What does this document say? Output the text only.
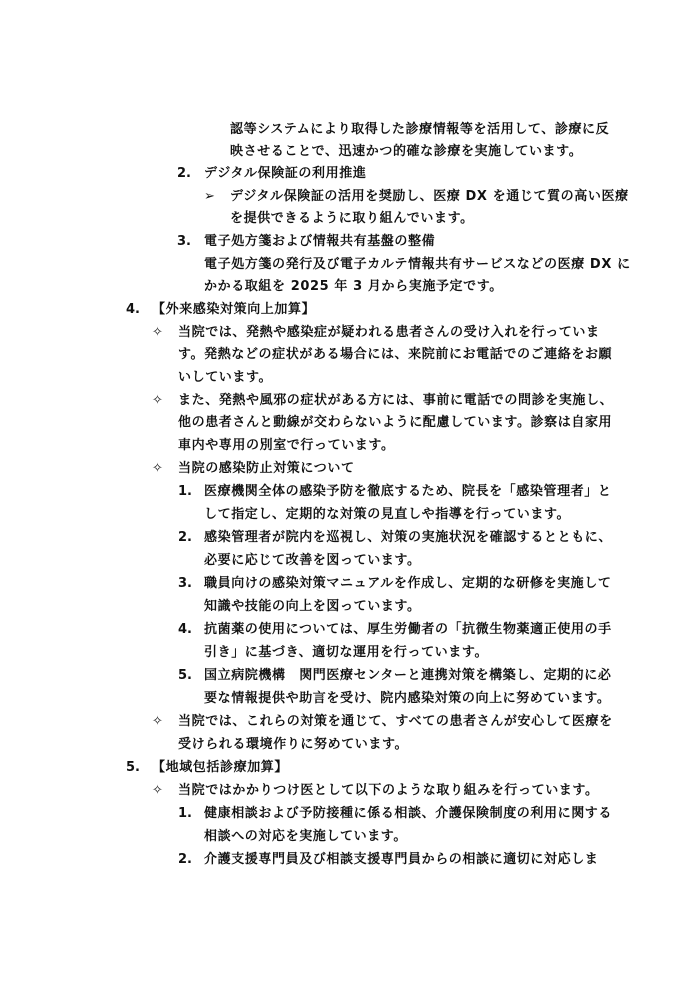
認等システムにより取得した診療情報等を活用して、診療に反
映させることで、迅速かつ的確な診療を実施しています。
2. デジタル保険証の利用推進
➢ デジタル保険証の活用を奨励し、医療 DX を通じて質の高い医療
を提供できるように取り組んでいます。
3. 電子処方箋および情報共有基盤の整備
電子処方箋の発行及び電子カルテ情報共有サービスなどの医療 DX に
かかる取組を 2025 年 3 月から実施予定です。
4. 【外来感染対策向上加算】
✧ 当院では、発熱や感染症が疑われる患者さんの受け入れを行っていま
す。発熱などの症状がある場合には、来院前にお電話でのご連絡をお願
いしています。
✧ また、発熱や風邪の症状がある方には、事前に電話での問診を実施し、
他の患者さんと動線が交わらないように配慮しています。診察は自家用
車内や専用の別室で行っています。
✧ 当院の感染防止対策について
1. 医療機関全体の感染予防を徹底するため、院長を「感染管理者」と
して指定し、定期的な対策の見直しや指導を行っています。
2. 感染管理者が院内を巡視し、対策の実施状況を確認するとともに、
必要に応じて改善を図っています。
3. 職員向けの感染対策マニュアルを作成し、定期的な研修を実施して
知識や技能の向上を図っています。
4. 抗菌薬の使用については、厚生労働者の「抗微生物薬適正使用の手
引き」に基づき、適切な運用を行っています。
5. 国立病院機構　関門医療センターと連携対策を構築し、定期的に必
要な情報提供や助言を受け、院内感染対策の向上に努めています。
✧ 当院では、これらの対策を通じて、すべての患者さんが安心して医療を
受けられる環境作りに努めています。
5. 【地域包括診療加算】
✧ 当院ではかかりつけ医として以下のような取り組みを行っています。
1. 健康相談および予防接種に係る相談、介護保険制度の利用に関する
相談への対応を実施しています。
2. 介護支援専門員及び相談支援専門員からの相談に適切に対応しま
